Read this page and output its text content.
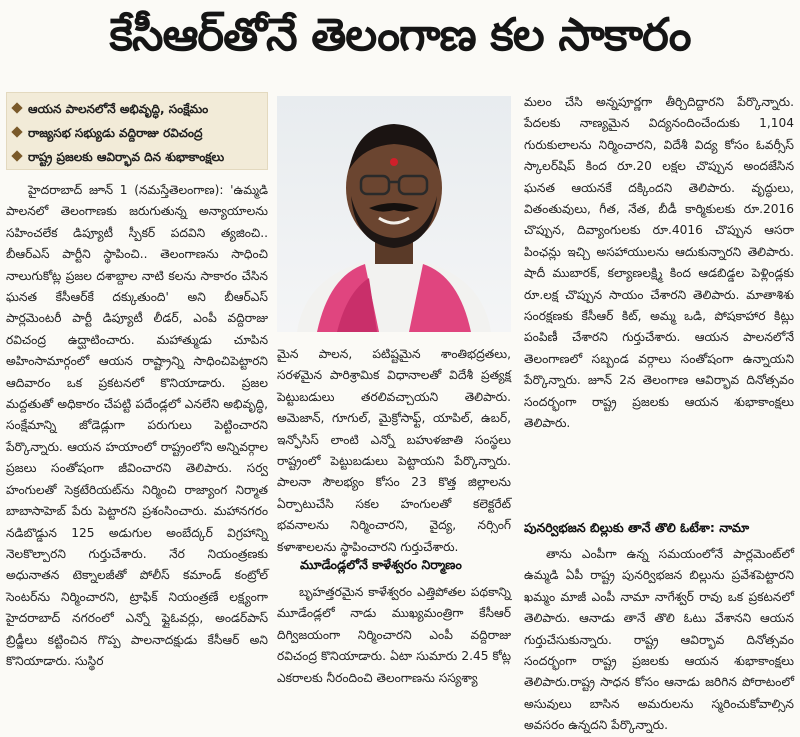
కేసీఆర్‌తోనే తెలంగాణ కల సాకారం
ఆయన పాలనలోనే అభివృద్ధి, సంక్షేమం
రాజ్యసభ సభ్యుడు వద్దిరాజు రవిచంద్ర
రాష్ట్ర ప్రజలకు ఆవిర్భావ దిన శుభాకాంక్షలు

హైదరాబాద్ జూన్ 1 (నమస్తేతెలంగాణ): 'ఉమ్మడి పాలనలో తెలంగాణకు జరుగుతున్న అన్యాయాలను సహించలేక డిప్యూటీ స్పీకర్ పదవిని త్యజించి.. బీఆర్ఎస్ పార్టీని స్థాపించి.. తెలంగాణను సాధించి నాలుగుకోట్ల ప్రజల దశాబ్దాల నాటి కలను సాకారం చేసిన ఘనత కేసీఆర్‌కే దక్కుతుంది' అని బీఆర్ఎస్ పార్లమెంటరీ పార్టీ డిప్యూటీ లీడర్, ఎంపీ వద్దిరాజు రవిచంద్ర ఉద్ఘాటించారు. మహాత్ముడు చూపిన అహింసామార్గంలో ఆయన రాష్ట్రాన్ని సాధించిపెట్టారని ఆదివారం ఒక ప్రకటనలో కొనియాడారు. ప్రజల మద్దతుతో అధికారం చేపట్టి పదేండ్లలో ఎనలేని అభివృద్ధి, సంక్షేమాన్ని జోడెడ్లుగా పరుగులు పెట్టించారని పేర్కొన్నారు. ఆయన హయాంలో రాష్ట్రంలోని అన్నివర్గాల ప్రజలు సంతోషంగా జీవించారని తెలిపారు. సర్వ హంగులతో సెక్రటేరియట్‌ను నిర్మించి రాజ్యాంగ నిర్మాత బాబాసాహెబ్ పేరు పెట్టారని ప్రశంసించారు. మహానగరం నడిబొడ్డున 125 అడుగుల అంబేద్కర్ విగ్రహాన్ని నెలకొల్పారని గుర్తుచేశారు. నేర నియంత్రణకు అధునాతన టెక్నాలజీతో పోలీస్ కమాండ్ కంట్రోల్ సెంటర్‌ను నిర్మించారని, ట్రాఫిక్ నియంత్రణే లక్ష్యంగా హైదరాబాద్ నగరంలో ఎన్నో ఫ్లైఓవర్లు, అండర్‌పాస్ బ్రిడ్జీలు కట్టించిన గొప్ప పాలనాదక్షుడు కేసీఆర్ అని కొనియాడారు. సుస్థిర

మైన పాలన, పటిష్టమైన శాంతిభద్రతలు, సరళమైన పారిశ్రామిక విధానాలతో విదేశీ ప్రత్యక్ష పెట్టుబడులు తరలివచ్చాయని తెలిపారు. అమెజాన్, గూగుల్, మైక్రోసాఫ్ట్, యాపిల్, ఉబర్, ఇన్ఫోసిస్ లాంటి ఎన్నో బహుళజాతి సంస్థలు రాష్ట్రంలో పెట్టుబడులు పెట్టాయని పేర్కొన్నారు. పాలనా సౌలభ్యం కోసం 23 కొత్త జిల్లాలను ఏర్పాటుచేసి సకల హంగులతో కలెక్టరేట్ భవనాలను నిర్మించారని, వైద్య, నర్సింగ్ కళాశాలలను స్థాపించారని గుర్తుచేశారు.

మూడేండ్లలోనే కాళేశ్వరం నిర్మాణం

బృహత్తరమైన కాళేశ్వరం ఎత్తిపోతల పథకాన్ని మూడేండ్లలో నాడు ముఖ్యమంత్రిగా కేసీఆర్ దిగ్విజయంగా నిర్మించారని ఎంపీ వద్దిరాజు రవిచంద్ర కొనియాడారు. ఏటా సుమారు 2.45 కోట్ల ఎకరాలకు నీరందించి తెలంగాణను సస్యశ్యా

మలం చేసి అన్నపూర్ణగా తీర్చిదిద్దారని పేర్కొన్నారు. పేదలకు నాణ్యమైన విద్యనందించేందుకు 1,104 గురుకులాలను నిర్మించారని, విదేశీ విద్య కోసం ఓవర్సీస్ స్కాలర్‌షిప్ కింద రూ.20 లక్షల చొప్పున అందజేసిన ఘనత ఆయనకే దక్కిందని తెలిపారు. వృద్ధులు, వితంతువులు, గీత, నేత, బీడీ కార్మికులకు రూ.2016 చొప్పున, దివ్యాంగులకు రూ.4016 చొప్పున ఆసరా పింఛన్లు ఇచ్చి అసహాయులను ఆదుకున్నారని తెలిపారు. షాదీ ముబారక్, కల్యాణలక్ష్మి కింద ఆడబిడ్డల పెళ్లిండ్లకు రూ.లక్ష చొప్పున సాయం చేశారని తెలిపారు. మాతాశిశు సంరక్షణకు కేసీఆర్ కిట్, అమ్మ ఒడి, పోషకాహార కిట్లు పంపిణీ చేశారని గుర్తుచేశారు. ఆయన పాలనలోనే తెలంగాణలో సబ్బండ వర్గాలు సంతోషంగా ఉన్నాయని పేర్కొన్నారు. జూన్ 2న తెలంగాణ ఆవిర్భావ దినోత్సవం సందర్భంగా రాష్ట్ర ప్రజలకు ఆయన శుభాకాంక్షలు తెలిపారు.

పునర్విభజన బిల్లుకు తానే తొలి ఓటేశా: నామా

తాను ఎంపీగా ఉన్న సమయంలోనే పార్లమెంట్‌లో ఉమ్మడి ఏపీ రాష్ట్ర పునర్విభజన బిల్లును ప్రవేశపెట్టారని ఖమ్మం మాజీ ఎంపీ నామా నాగేశ్వర్ రావు ఒక ప్రకటనలో తెలిపారు. ఆనాడు తానే తొలి ఓటు వేశానని ఆయన గుర్తుచేసుకున్నారు. రాష్ట్ర ఆవిర్భావ దినోత్సవం సందర్భంగా రాష్ట్ర ప్రజలకు ఆయన శుభాకాంక్షలు తెలిపారు.రాష్ట్ర సాధన కోసం ఆనాడు జరిగిన పోరాటంలో అసువులు బాసిన అమరులను స్మరించుకోవాల్సిన అవసరం ఉన్నదని పేర్కొన్నారు.
